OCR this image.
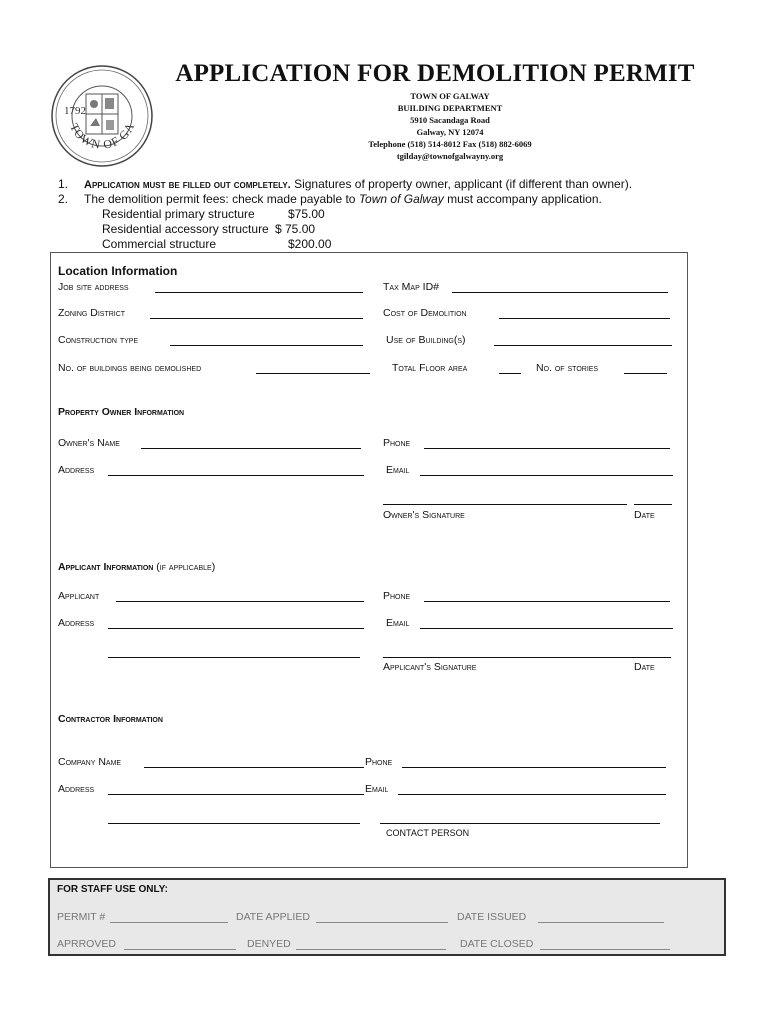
1792
TOWN OF GA
APPLICATION FOR DEMOLITION PERMIT
TOWN OF GALWAY
BUILDING DEPARTMENT
5910 Sacandaga Road
Galway, NY 12074
Telephone (518) 514-8012 Fax (518) 882-6069
tgilday@townofgalwayny.org
1. Application must be filled out completely. Signatures of property owner, applicant (if different than owner).
2. The demolition permit fees: check made payable to Town of Galway must accompany application.
Residential primary structure	$75.00
Residential accessory structure $ 75.00
Commercial structure	$200.00
Location Information
Job site address	Tax Map ID#
Zoning District	Cost of Demolition
Construction type	Use of Building(s)
No. of buildings being demolished	Total Floor area	No. of stories
Property Owner Information
Owner's Name	Phone
Address	Email
Owner's Signature	Date
Applicant Information (if applicable)
Applicant	Phone
Address	Email
Applicant's Signature	Date
Contractor Information
Company Name	Phone
Address	Email
CONTACT PERSON
FOR STAFF USE ONLY:
PERMIT #	DATE APPLIED	DATE ISSUED
APRROVED	DENYED	DATE CLOSED
